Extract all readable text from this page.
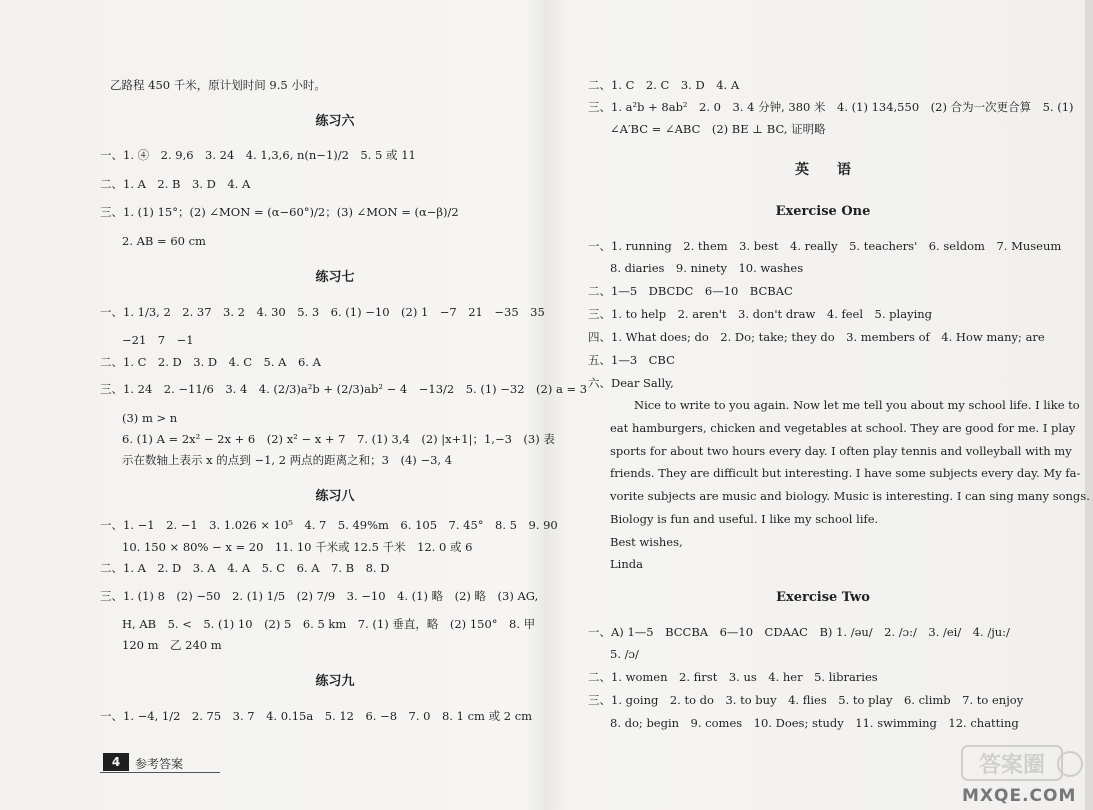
乙路程 450 千米，原计划时间 9.5 小时。
练习六
一、1. ④　2. 9,6　3. 24　4. 1,3,6, n(n−1)/2　5. 5 或 11
二、1. A　2. B　3. D　4. A
三、1. (1) 15°；(2) ∠MON = (α−60°)/2；(3) ∠MON = (α−β)/2
2. AB = 60 cm
练习七
一、1. 1/3, 2　2. 37　3. 2　4. 30　5. 3　6. (1) −10　(2) 1　−7　21　−35　35
−21　7　−1
二、1. C　2. D　3. D　4. C　5. A　6. A
三、1. 24　2. −11/6　3. 4　4. (2/3)a²b + (2/3)ab² − 4　−13/2　5. (1) −32　(2) a = 3
(3) m > n
6. (1) A = 2x² − 2x + 6　(2) x² − x + 7　7. (1) 3,4　(2) |x+1|；1,−3　(3) 表
示在数轴上表示 x 的点到 −1, 2 两点的距离之和；3　(4) −3, 4
练习八
一、1. −1　2. −1　3. 1.026 × 10⁵　4. 7　5. 49%m　6. 105　7. 45°　8. 5　9. 90
10. 150 × 80% − x = 20　11. 10 千米或 12.5 千米　12. 0 或 6
二、1. A　2. D　3. A　4. A　5. C　6. A　7. B　8. D
三、1. (1) 8　(2) −50　2. (1) 1/5　(2) 7/9　3. −10　4. (1) 略　(2) 略　(3) AG,
H, AB　5. <　5. (1) 10　(2) 5　6. 5 km　7. (1) 垂直，略　(2) 150°　8. 甲
120 m　乙 240 m
练习九
一、1. −4, 1/2　2. 75　3. 7　4. 0.15a　5. 12　6. −8　7. 0　8. 1 cm 或 2 cm
二、1. C　2. C　3. D　4. A
三、1. a²b + 8ab²　2. 0　3. 4 分钟, 380 米　4. (1) 134,550　(2) 合为一次更合算　5. (1)
∠A′BC = ∠ABC　(2) BE ⊥ BC, 证明略
英　　语
Exercise One
一、1. running　2. them　3. best　4. really　5. teachers'　6. seldom　7. Museum
8. diaries　9. ninety　10. washes
二、1—5　DBCDC　6—10　BCBAC
三、1. to help　2. aren't　3. don't draw　4. feel　5. playing
四、1. What does; do　2. Do; take; they do　3. members of　4. How many; are
五、1—3　CBC
六、Dear Sally,
Nice to write to you again. Now let me tell you about my school life. I like to
eat hamburgers, chicken and vegetables at school. They are good for me. I play
sports for about two hours every day. I often play tennis and volleyball with my
friends. They are difficult but interesting. I have some subjects every day. My fa-
vorite subjects are music and biology. Music is interesting. I can sing many songs.
Biology is fun and useful. I like my school life.
Best wishes,
Linda
Exercise Two
一、A) 1—5　BCCBA　6—10　CDAAC　B) 1. /əu/　2. /ɔ:/　3. /ei/　4. /ju:/
5. /ɔ/
二、1. women　2. first　3. us　4. her　5. libraries
三、1. going　2. to do　3. to buy　4. flies　5. to play　6. climb　7. to enjoy
8. do; begin　9. comes　10. Does; study　11. swimming　12. chatting
4	参考答案	答案圈
MXQE.COM
